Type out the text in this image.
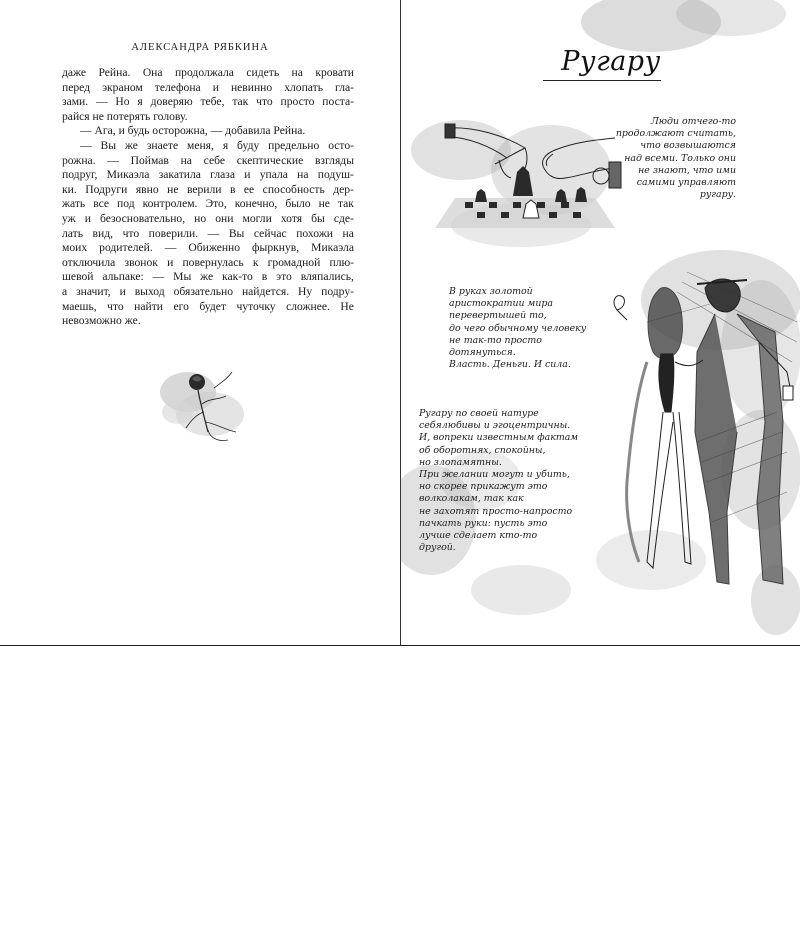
АЛЕКСАНДРА РЯБКИНА
даже Рейна. Она продолжала сидеть на кровати
перед экраном телефона и невинно хлопать гла-
зами. — Но я доверяю тебе, так что просто поста-
райся не потерять голову.
— Ага, и будь осторожна, — добавила Рейна.
— Вы же знаете меня, я буду предельно осто-
рожна. — Поймав на себе скептические взгляды
подруг, Микаэла закатила глаза и упала на подуш-
ки. Подруги явно не верили в ее способность дер-
жать все под контролем. Это, конечно, было не так
уж и безосновательно, но они могли хотя бы сде-
лать вид, что поверили. — Вы сейчас похожи на
моих родителей. — Обиженно фыркнув, Микаэла
отключила звонок и повернулась к громадной плю-
шевой альпаке: — Мы же как-то в это вляпались,
а значит, и выход обязательно найдется. Ну подру-
маешь, что найти его будет чуточку сложнее. Не
невозможно же.
Ругару
Люди отчего-то
продолжают считать,
что возвышаются
над всеми. Только они
не знают, что ими
самими управляют
ругару.
В руках золотой
аристократии мира
перевертышей то,
до чего обычному человеку
не так-то просто
дотянуться.
Власть. Деньги. И сила.
Ругару по своей натуре
себялюбивы и эгоцентричны.
И, вопреки известным фактам
об оборотнях, спокойны,
но злопамятны.
При желании могут и убить,
но скорее прикажут это
волколакам, так как
не захотят просто-напросто
пачкать руки: пусть это
лучше сделает кто-то
другой.
